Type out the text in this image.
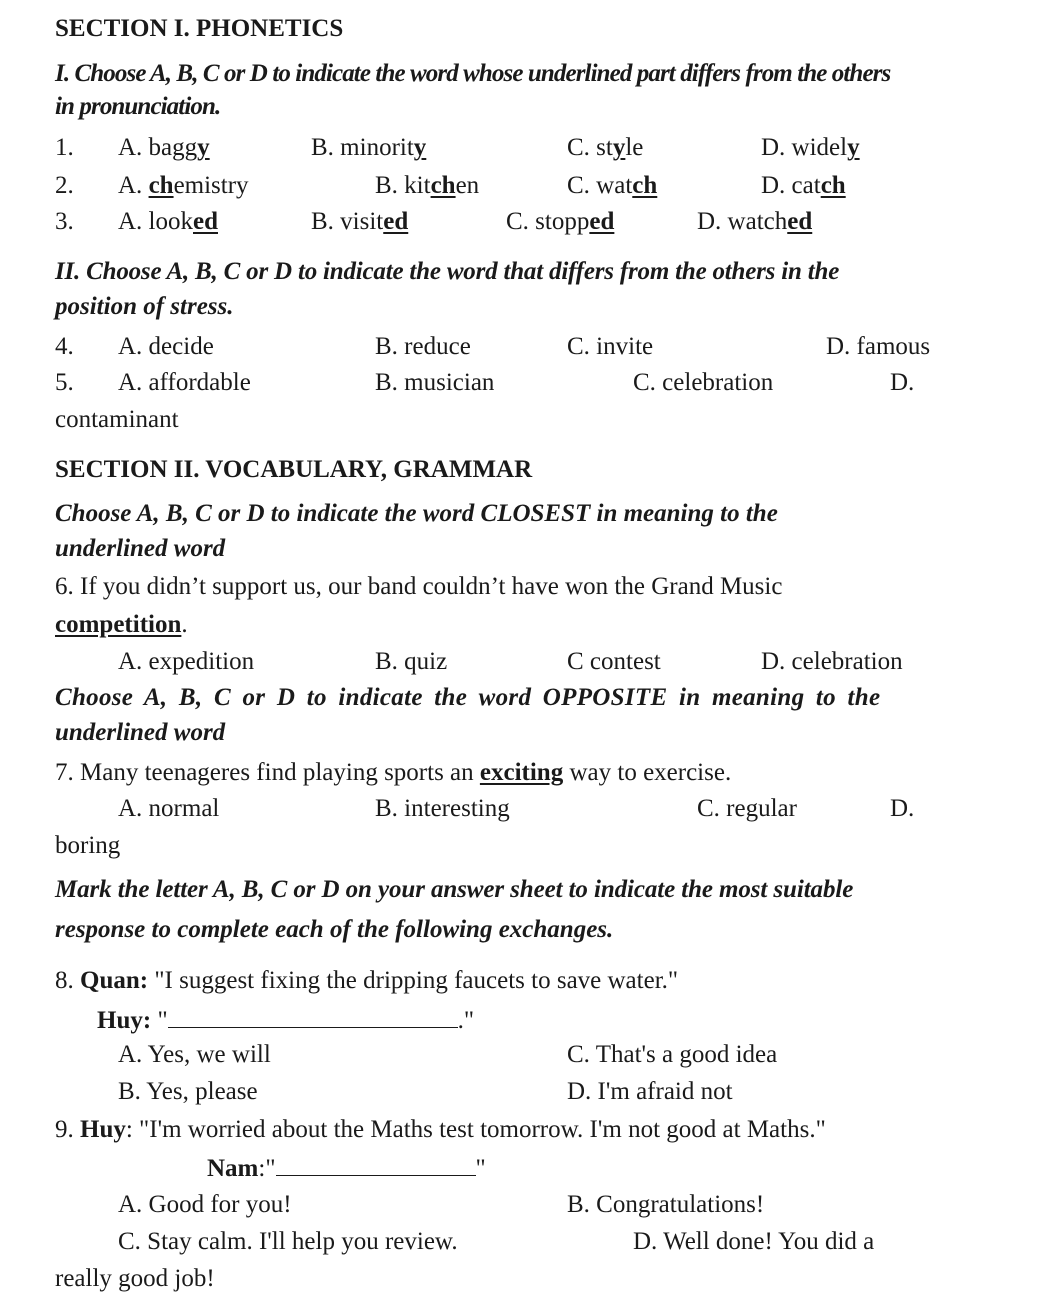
SECTION I. PHONETICS
I. Choose A, B, C or D to indicate the word whose underlined part differs from the others
in pronunciation.
1. A. baggy	B. minority	C. style	D. widely
2. A. chemistry	B. kitchen	C. watch	D. catch
3. A. looked	B. visited	C. stopped	D. watched
II. Choose A, B, C or D to indicate the word that differs from the others in the
position of stress.
4. A. decide	B. reduce	C. invite	D. famous
5. A. affordable	B. musician	C. celebration	D.
contaminant
SECTION II. VOCABULARY, GRAMMAR
Choose A, B, C or D to indicate the word CLOSEST in meaning to the
underlined word
6. If you didn’t support us, our band couldn’t have won the Grand Music
competition.
A. expedition	B. quiz	C contest	D. celebration
Choose A, B, C or D to indicate the word OPPOSITE in meaning to the
underlined word
7. Many teenageres find playing sports an exciting way to exercise.
A. normal	B. interesting	C. regular	D.
boring
Mark the letter A, B, C or D on your answer sheet to indicate the most suitable
response to complete each of the following exchanges.
8. Quan: "I suggest fixing the dripping faucets to save water."
Huy: "	."
A. Yes, we will	C. That's a good idea
B. Yes, please	D. I'm afraid not
9. Huy: "I'm worried about the Maths test tomorrow. I'm not good at Maths."
Nam:"	"
A. Good for you!	B. Congratulations!
C. Stay calm. I'll help you review.	D. Well done! You did a
really good job!
